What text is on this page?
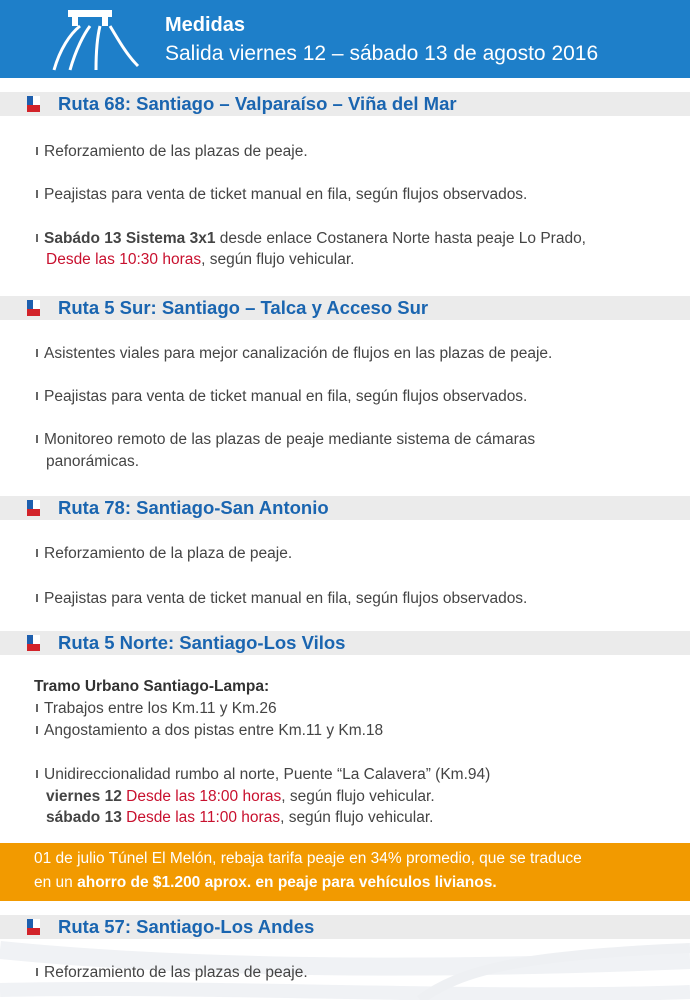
Medidas
Salida viernes 12 – sábado 13 de agosto 2016
Ruta 68: Santiago – Valparaíso – Viña del Mar
Reforzamiento de las plazas de peaje.
Peajistas para venta de ticket manual en fila, según flujos observados.
Sabádo 13 Sistema 3x1 desde enlace Costanera Norte hasta peaje Lo Prado,
Desde las 10:30 horas, según flujo vehicular.
Ruta 5 Sur: Santiago – Talca y Acceso Sur
Asistentes viales para mejor canalización de flujos en las plazas de peaje.
Peajistas para venta de ticket manual en fila, según flujos observados.
Monitoreo remoto de las plazas de peaje mediante sistema de cámaras
panorámicas.
Ruta 78: Santiago-San Antonio
Reforzamiento de la plaza de peaje.
Peajistas para venta de ticket manual en fila, según flujos observados.
Ruta 5 Norte: Santiago-Los Vilos
Tramo Urbano Santiago-Lampa:
Trabajos entre los Km.11 y Km.26
Angostamiento a dos pistas entre Km.11 y Km.18
Unidireccionalidad rumbo al norte, Puente “La Calavera” (Km.94)
viernes 12 Desde las 18:00 horas, según flujo vehicular.
sábado 13 Desde las 11:00 horas, según flujo vehicular.
01 de julio Túnel El Melón, rebaja tarifa peaje en 34% promedio, que se traduce
en un ahorro de $1.200 aprox. en peaje para vehículos livianos.
Ruta 57: Santiago-Los Andes
Reforzamiento de las plazas de peaje.
